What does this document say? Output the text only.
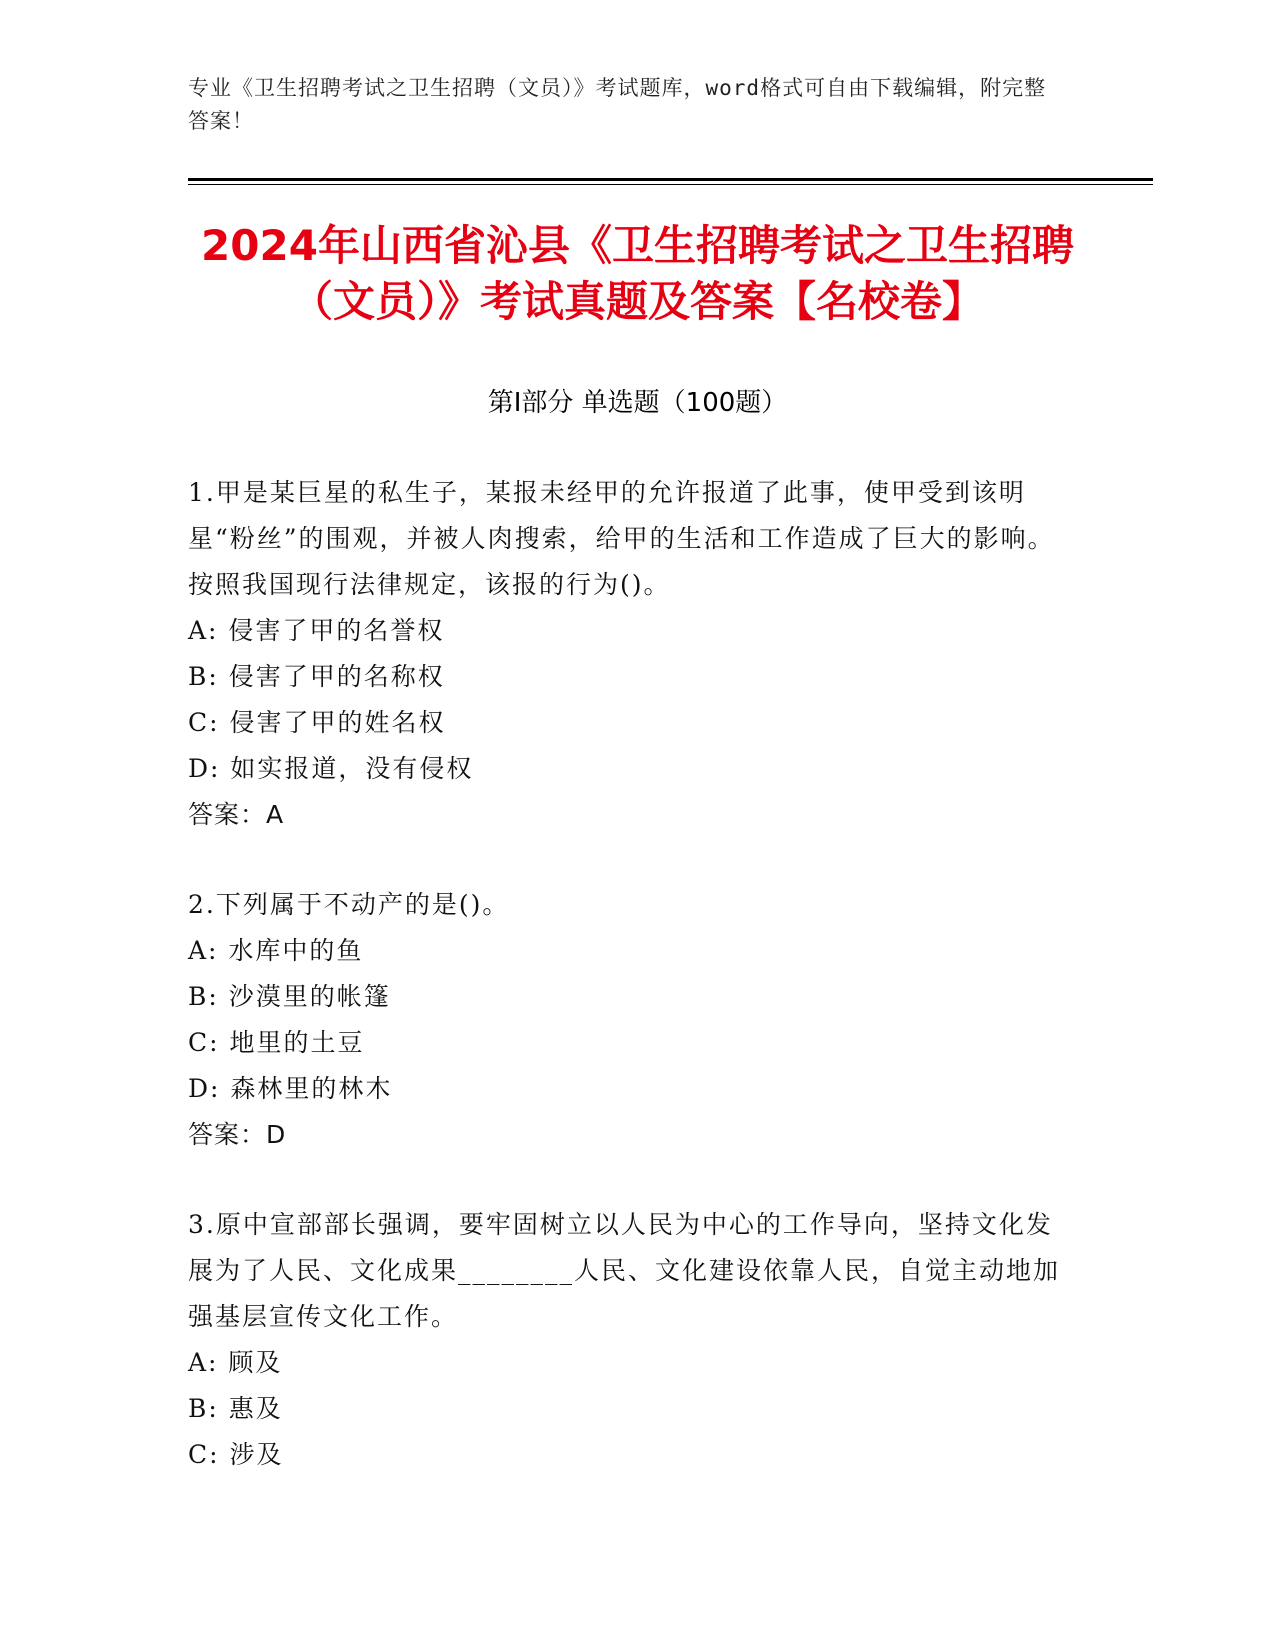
专业《卫生招聘考试之卫生招聘（文员）》考试题库，word格式可自由下载编辑，附完整答案！
2024年山西省沁县《卫生招聘考试之卫生招聘（文员）》考试真题及答案【名校卷】
第Ⅰ部分 单选题（100题）

1.甲是某巨星的私生子，某报未经甲的允许报道了此事，使甲受到该明星“粉丝”的围观，并被人肉搜索，给甲的生活和工作造成了巨大的影响。按照我国现行法律规定，该报的行为()。

A: 侵害了甲的名誉权

B: 侵害了甲的名称权

C: 侵害了甲的姓名权

D: 如实报道，没有侵权

答案：A

2.下列属于不动产的是()。

A: 水库中的鱼

B: 沙漠里的帐篷

C: 地里的土豆

D: 森林里的林木

答案：D

3.原中宣部部长强调，要牢固树立以人民为中心的工作导向，坚持文化发展为了人民、文化成果________人民、文化建设依靠人民，自觉主动地加强基层宣传文化工作。

A: 顾及

B: 惠及

C: 涉及
